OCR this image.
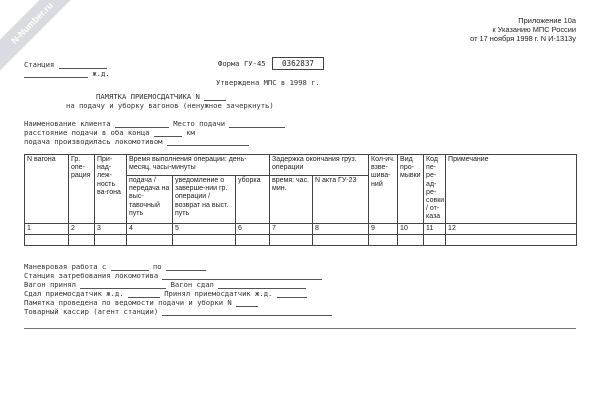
N-Number.ru	Приложение 10а
к Указанию МПС России
от 17 ноября 1998 г. N И-1313у
Станция
ж.д.
Форма ГУ-45	0362837
Утверждена МПС в 1998 г.
ПАМЯТКА ПРИЕМОСДАТЧИКА N
на подачу и уборку вагонов (ненужное зачеркнуть)
Наименование клиента	Место подачи
расстояние подачи в оба конца	км
подача производилась локомотивом
N вагона	Гр. опе-рация	При-над-леж-ность ва-гона	Время выполнения операции: день-месяц, часы-минуты			Задержка окончания груз. операции		Кол-ич. взве-шива-ний	Вид про-мывки	Код пе-ре-ад-ре-совки / от-каза	Примечание
			подача / передача на выс-тавочный путь	уведомление о заверше-нии гр. операции / возврат на выст. путь	уборка	время: час. мин.	N акта ГУ-23				
1	2	3	4	5	6	7	8	9	10	11	12

Маневровая работа с	по
Станция затребования локомотива
Вагон принял	Вагон сдал
Сдал приемосдатчик ж.д.	Принял приемосдатчик ж.д.
Памятка проведена по ведомости подачи и уборки N
Товарный кассир (агент станции)
